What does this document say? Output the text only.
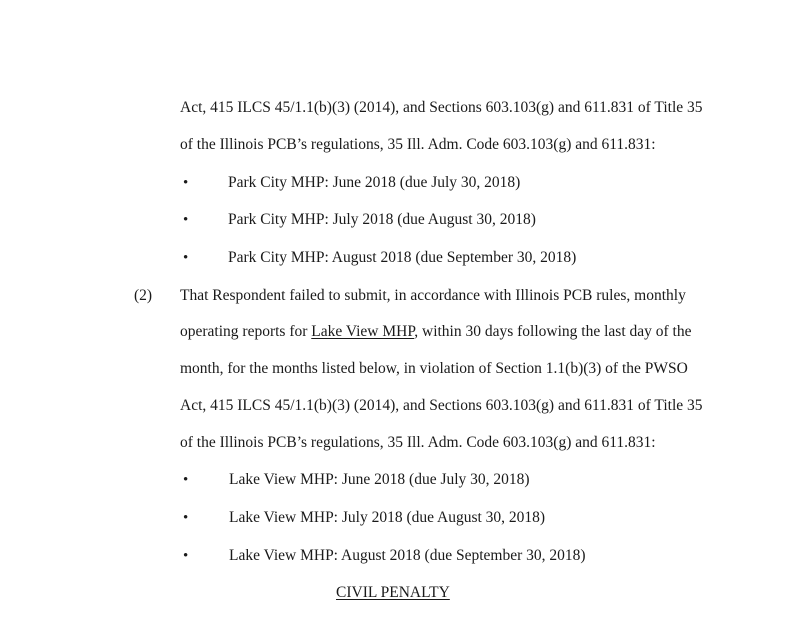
Act, 415 ILCS 45/1.1(b)(3) (2014), and Sections 603.103(g) and 611.831 of Title 35
of the Illinois PCB’s regulations, 35 Ill. Adm. Code 603.103(g) and 611.831:
•	Park City MHP: June 2018 (due July 30, 2018)
•	Park City MHP: July 2018 (due August 30, 2018)
•	Park City MHP: August 2018 (due September 30, 2018)
(2) That Respondent failed to submit, in accordance with Illinois PCB rules, monthly
operating reports for Lake View MHP, within 30 days following the last day of the
month, for the months listed below, in violation of Section 1.1(b)(3) of the PWSO
Act, 415 ILCS 45/1.1(b)(3) (2014), and Sections 603.103(g) and 611.831 of Title 35
of the Illinois PCB’s regulations, 35 Ill. Adm. Code 603.103(g) and 611.831:
•	Lake View MHP: June 2018 (due July 30, 2018)
•	Lake View MHP: July 2018 (due August 30, 2018)
•	Lake View MHP: August 2018 (due September 30, 2018)
CIVIL PENALTY
